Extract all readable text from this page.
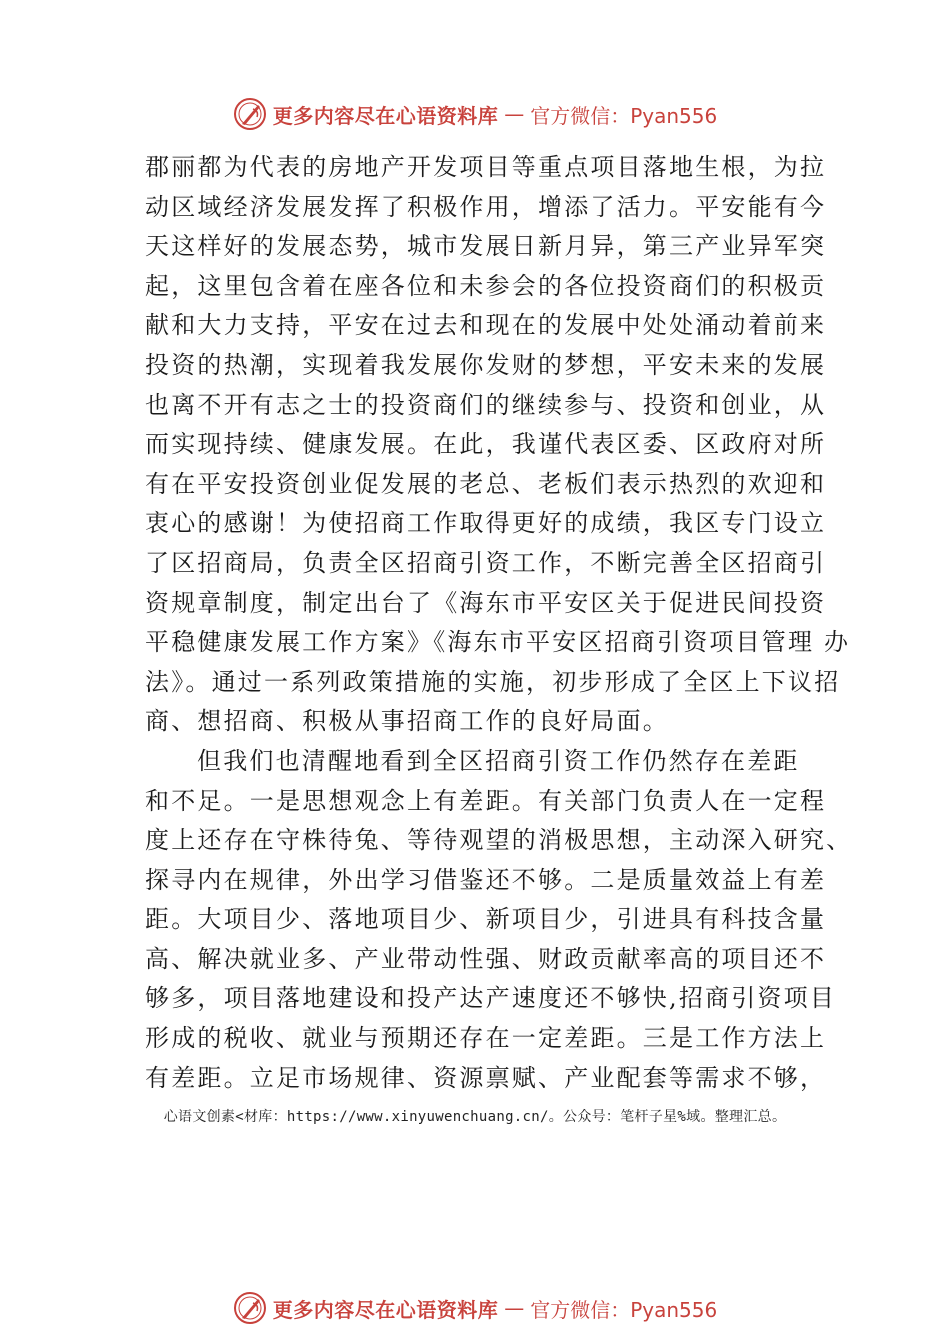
更多内容尽在心语资料库 — 官方微信：Pyan556
郡丽都为代表的房地产开发项目等重点项目落地生根，为拉
动区域经济发展发挥了积极作用，增添了活力。平安能有今
天这样好的发展态势，城市发展日新月异，第三产业异军突
起，这里包含着在座各位和未参会的各位投资商们的积极贡
献和大力支持，平安在过去和现在的发展中处处涌动着前来
投资的热潮，实现着我发展你发财的梦想，平安未来的发展
也离不开有志之士的投资商们的继续参与、投资和创业，从
而实现持续、健康发展。在此，我谨代表区委、区政府对所
有在平安投资创业促发展的老总、老板们表示热烈的欢迎和
衷心的感谢！为使招商工作取得更好的成绩，我区专门设立
了区招商局，负责全区招商引资工作，不断完善全区招商引
资规章制度，制定出台了《海东市平安区关于促进民间投资
平稳健康发展工作方案》《海东市平安区招商引资项目管理 办
法》。通过一系列政策措施的实施，初步形成了全区上下议招
商、想招商、积极从事招商工作的良好局面。
但我们也清醒地看到全区招商引资工作仍然存在差距
和不足。一是思想观念上有差距。有关部门负责人在一定程
度上还存在守株待兔、等待观望的消极思想，主动深入研究、
探寻内在规律，外出学习借鉴还不够。二是质量效益上有差
距。大项目少、落地项目少、新项目少，引进具有科技含量
高、解决就业多、产业带动性强、财政贡献率高的项目还不
够多，项目落地建设和投产达产速度还不够快,招商引资项目
形成的税收、就业与预期还存在一定差距。三是工作方法上
有差距。立足市场规律、资源禀赋、产业配套等需求不够，
心语文创素<材库：https://www.xinyuwenchuang.cn/。公众号：笔杆子星%域。整理汇总。
更多内容尽在心语资料库 — 官方微信：Pyan556
